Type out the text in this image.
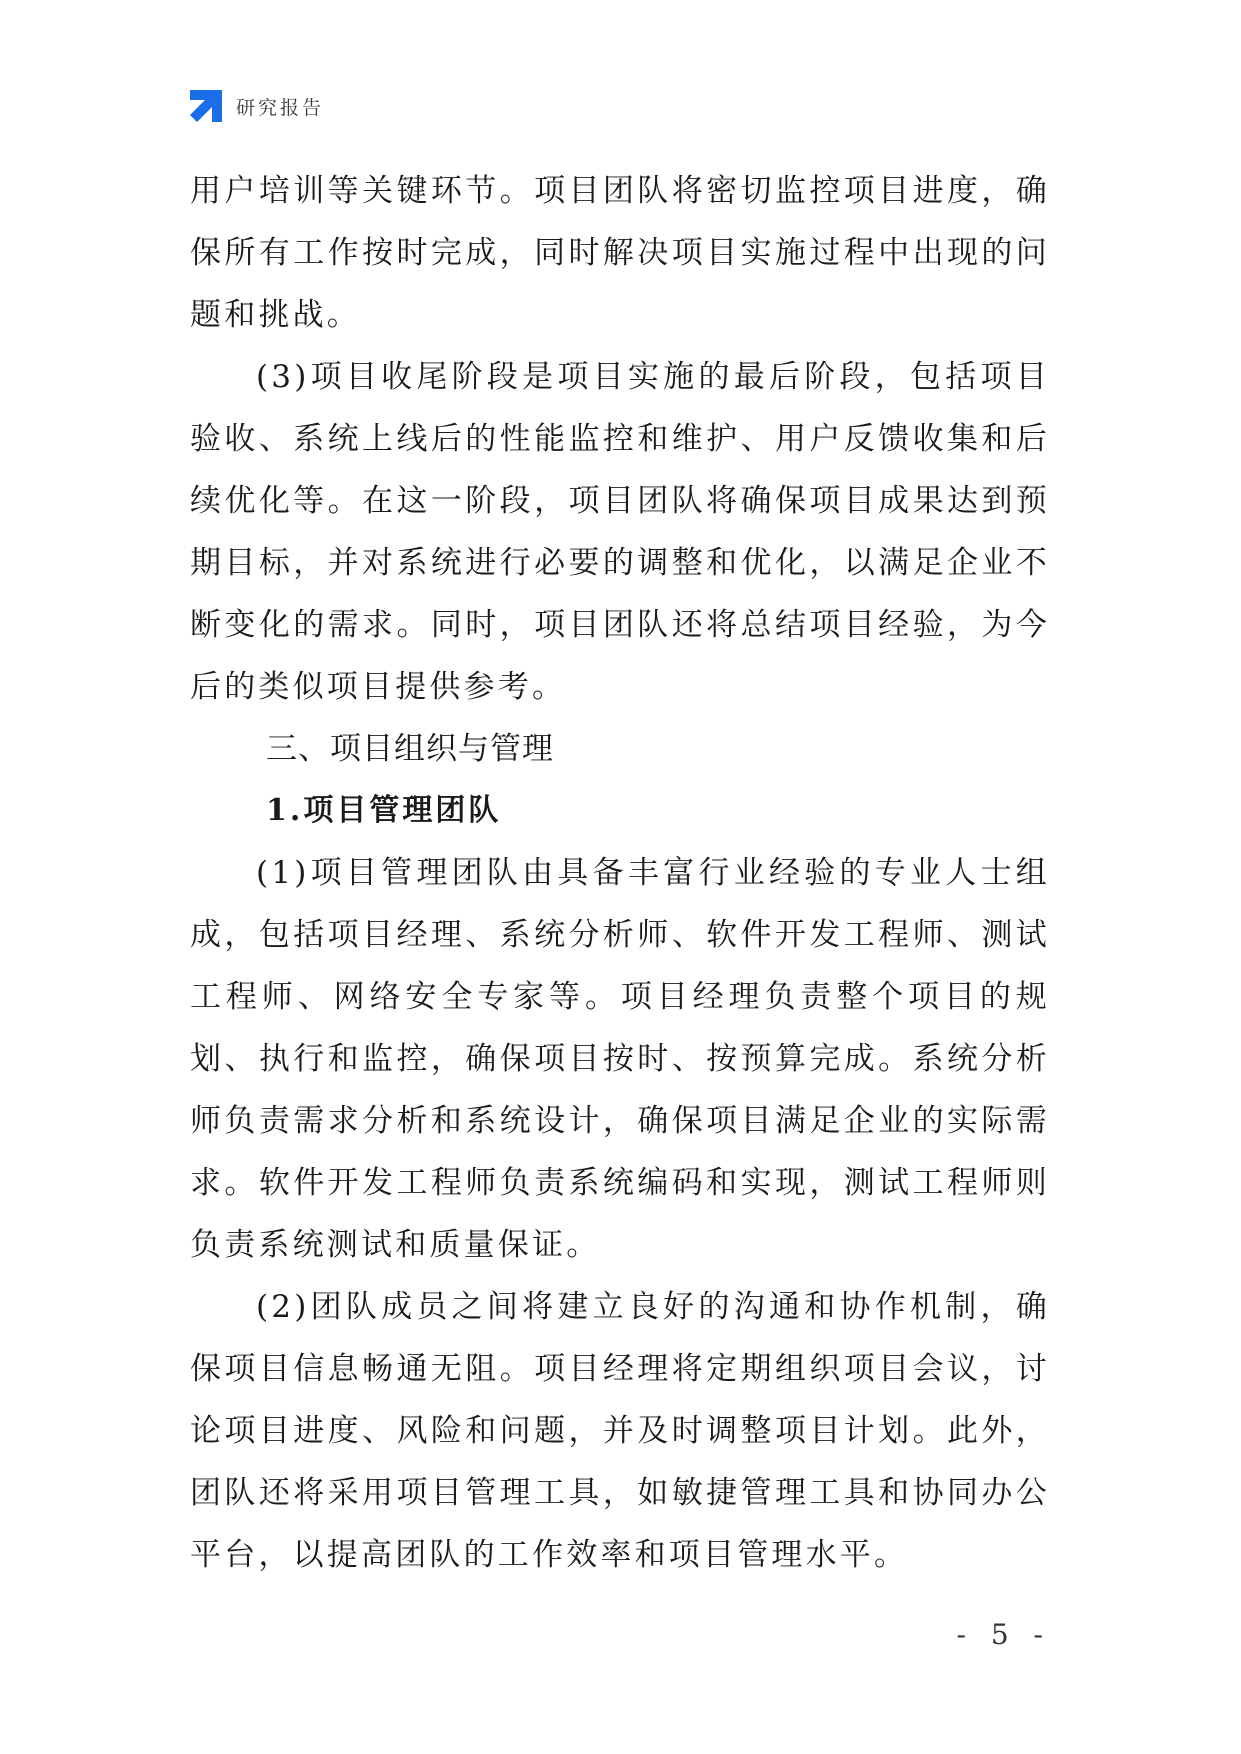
研究报告

用户培训等关键环节。项目团队将密切监控项目进度，确保所有工作按时完成，同时解决项目实施过程中出现的问题和挑战。

(3)项目收尾阶段是项目实施的最后阶段，包括项目验收、系统上线后的性能监控和维护、用户反馈收集和后续优化等。在这一阶段，项目团队将确保项目成果达到预期目标，并对系统进行必要的调整和优化，以满足企业不断变化的需求。同时，项目团队还将总结项目经验，为今后的类似项目提供参考。

三、项目组织与管理
1.项目管理团队

(1)项目管理团队由具备丰富行业经验的专业人士组成，包括项目经理、系统分析师、软件开发工程师、测试工程师、网络安全专家等。项目经理负责整个项目的规划、执行和监控，确保项目按时、按预算完成。系统分析师负责需求分析和系统设计，确保项目满足企业的实际需求。软件开发工程师负责系统编码和实现，测试工程师则负责系统测试和质量保证。

(2)团队成员之间将建立良好的沟通和协作机制，确保项目信息畅通无阻。项目经理将定期组织项目会议，讨论项目进度、风险和问题，并及时调整项目计划。此外，团队还将采用项目管理工具，如敏捷管理工具和协同办公平台，以提高团队的工作效率和项目管理水平。

- 5 -
